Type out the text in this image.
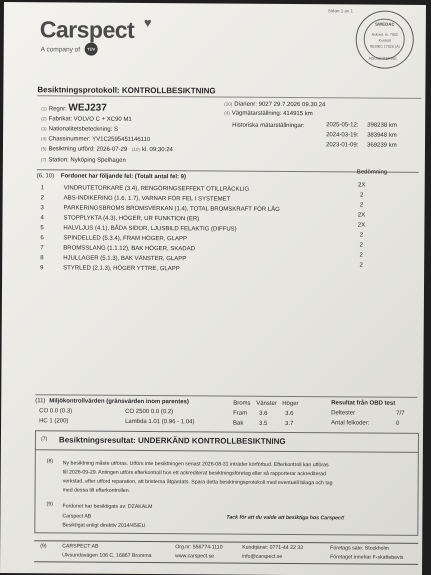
Carspect ♥
A company of	TÜV
Sidan 1 av 1
SWEDAC
ACKREDITERING
Ackred. nr. 7902
Kontroll
ISO/IEC 17020 (A)
Besiktningsprotokoll: KONTROLLBESIKTNING
(1) Regnr: WEJ237
(2) Fabrikat: VOLVO C + XC90 M1
(3) Nationalitetsbeteckning: S
(4) Chassinummer: YV1C2595451146110
(5) Besiktning utförd: 2026-07-29 (10) kl. 09:30:24
(7) Station: Nyköping Spelhagen
(10) Diarienr: 9027 29.7.2026 09.30.24
(4) Vägmätarställning: 414915 km
Historiska mätarställningar:	2025-05-12: 398238 km
2024-03-19: 383948 km
2023-01-09: 369239 km
(6, 10) Fordonet har följande fel: (Totalt antal fel: 9)
Bedömning
1	VINDRUTETORKARE (3.4), RENGÖRINGSEFFEKT OTILLRÄCKLIG	2X
2	ABS-INDIKERING (1.6, 1.7), VARNAR FÖR FEL I SYSTEMET	2
3	PARKERINGSBROMS BROMSVERKAN (1.4), TOTAL BROMSKRAFT FÖR LÅG	2
4	STOPPLYKTA (4.3), HÖGER, UR FUNKTION (ER)	2X
5	HALVLJUS (4.1), BÅDA SIDOR, LJUSBILD FELAKTIG (DIFFUS)	2X
6	SPINDELLED (5.3.4), FRAM HÖGER, GLAPP	2
7	BROMSSLANG (1.1.12), BAK HÖGER, SKADAD	2
8	HJULLAGER (5.1.3), BAK VÄNSTER, GLAPP	2
9	STYRLED (2.1.3), HÖGER YTTRE, GLAPP	2
(11) Miljökontrollvärden (gränsvärden inom parentes)
CO 0.0 (0.3)
HC 1 (200)
CO 2500 0.0 (0.2)
Lambda 1.01 (0.96 - 1.04)
Broms Vänster Höger
Fram 3.6	3.6
Bak	3.5	3.7
Resultat från OBD test
Deltester	7/7
Antal felkoder:	0
(7) Besiktningsresultat: UNDERKÄND KONTROLLBESIKTNING
(8) Ny besiktning måste utföras. Utförs inte besiktningen senast 2026-08-31 inträder körförbud. Efterkontroll kan utföras
till 2026-09-29. Antingen utförs efterkontroll hos ett ackrediterat besiktningsföretag eller så rapporterar ackrediterad
verkstad, efter utförd reparation, att bristerna åtgärdats. Spara detta besiktningsprotokoll med eventuell bilaga och tag
med dessa till efterkontrollen.
(9) Fordonet har besiktigats av: DZAKALM
Carspect AB
Besiktigat enligt direktiv 2014/45/EU
Tack för att du valde att besiktiga hos Carspect!
(9)	CARSPECT AB
Ulvsundavägen 106 C, 16867 Bromma
Org.nr: 556774-1110
www.carspect.se
Kundtjänst: 0771-44 22 33
info@carspect.se
Företags säte: Stockholm
Företaget innehar F-skattebevis
